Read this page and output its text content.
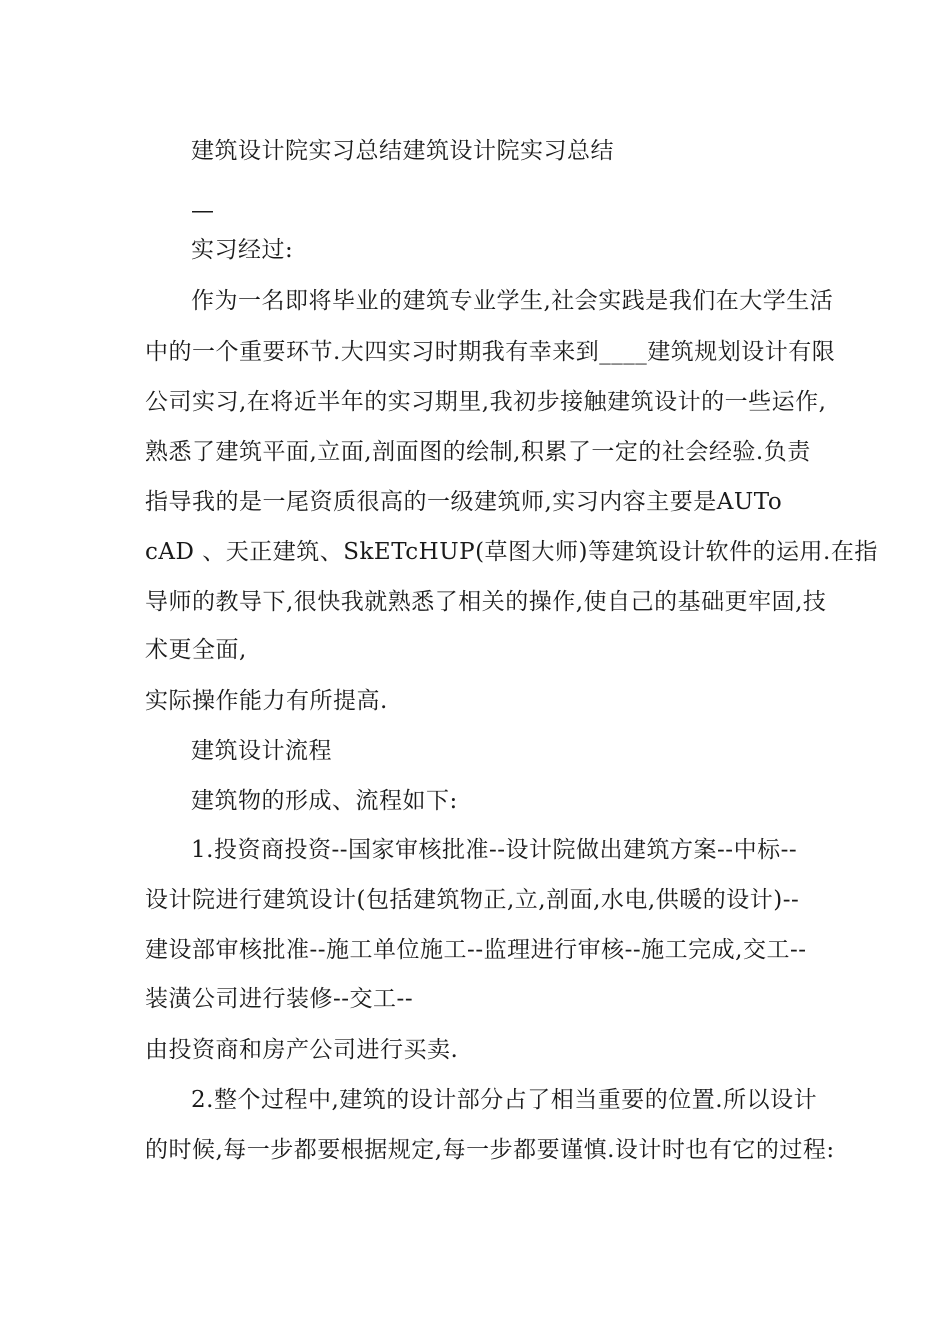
建筑设计院实习总结建筑设计院实习总结
—
实习经过:
作为一名即将毕业的建筑专业学生,社会实践是我们在大学生活
中的一个重要环节.大四实习时期我有幸来到____建筑规划设计有限
公司实习,在将近半年的实习期里,我初步接触建筑设计的一些运作,
熟悉了建筑平面,立面,剖面图的绘制,积累了一定的社会经验.负责
指导我的是一尾资质很高的一级建筑师,实习内容主要是AUTo
cAD 、天正建筑、SkETcHUP(草图大师)等建筑设计软件的运用.在指
导师的教导下,很快我就熟悉了相关的操作,使自己的基础更牢固,技
术更全面,
实际操作能力有所提高.
建筑设计流程
建筑物的形成、流程如下:
1.投资商投资--国家审核批准--设计院做出建筑方案--中标--
设计院进行建筑设计(包括建筑物正,立,剖面,水电,供暖的设计)--
建设部审核批准--施工单位施工--监理进行审核--施工完成,交工--
装潢公司进行装修--交工--
由投资商和房产公司进行买卖.
2.整个过程中,建筑的设计部分占了相当重要的位置.所以设计
的时候,每一步都要根据规定,每一步都要谨慎.设计时也有它的过程:
